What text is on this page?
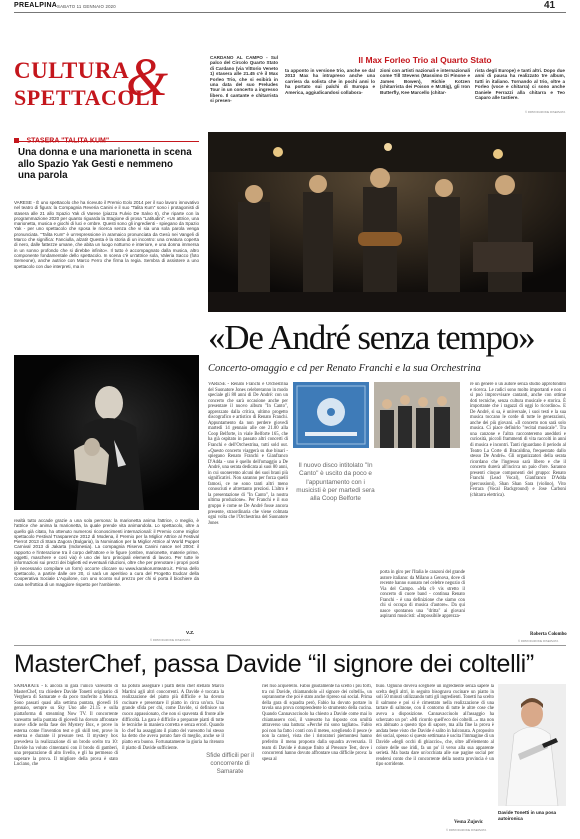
PREALPINA SABATO 11 GENNAIO 2020	41
CULTURA
&
SPETTACOLI
CARDANO AL CAMPO - Sul palco del Circolo Quarto Stato di Cardano (via Vittorio Veneto 1) stasera alle 21.45 c'è il Max Forleo Trio, che si esibirà in una data del suo Preludes Tour in un concerto a ingresso libero. Il cantante e chitarrista si presen-
Il Max Forleo Trio al Quarto Stato
ta apponto in versione trio, anche se dal 2013 Max ha intrapreso anche una carriera da solista che in pochi anni lo ha portato sui palchi di Europa e America, aggiudicandosi collabora-
zioni con artisti nazionali e internazionali come Till Stevens (Massimo Di Pinone e James Bowen), Richie Kotzen (chitarrista dei Poison e Mr.Big), gli Iron Butterfly, Kee Marcello (chitar-
rista degli Europe) e tanti altri. Dopo due anni di pausa ha realizzato tre album, tutti in italiano. Tornando al trio, oltre a Forleo (voce e chitarra) ci sono anche Daniele Ferrazzi alla chitarra e Teo Caparo alle tastiere.
© RIPRODUZIONE RISERVATA
Una donna e una marionetta in scena allo Spazio Yak Gesti e nemmeno una parola
VARESE - È uno spettacolo che ha ricevuto il Premio Eolo 2014 per il suo lavoro innovativo nel teatro di figura: la Compagnia Reveria Canini e il suo "Talita Kum" sono i protagonisti di stasera alle 21 allo Spazio Yak di Varese (piazza Fulvio De Salvo 6), che riparte con la programmazione 2020 per quanto riguarda la Stagione di prosa "Latitudini". «Un attrice, una marionetta, musica e giochi di luci e ombre. Questi sono gli ingredienti - spiegano da Spazio Yak - per uno spettacolo che sposa le ricerca senza che vi sia una sola parola venga pronunciata. "Talita Kum" è un'espressione in aramaico pronunciata da Gesù nei Vangeli di Marco che significa: Fanciulla, alzati! Questa è la storia di un incontro: una creatura coperta di nero, dalle fattezze umane, che abita un luogo notturno e interiore, e una donna immersa in un sonno profondo che si direbbe infinito». Il tutto è accompagnato dalla musica, altro componente fondamentale dello spettacolo. In scena c'è un'attrice sola, Valeria Sacco (foto Semeone), anche autrice con Marco Ferro che firma la regia. Sembra di assistere a uno spettacolo con due interpreti, ma in
realtà tutto accade grazie a una sola persona: la marionetta anima l'attrice, o meglio, è l'attrice che anima la marionetta, la quale prende vita animandola. Lo spettacolo, oltre a quello già citato, ha ottenuto numerosi riconoscimenti internazionali: il Premio come miglior spettacolo Festival Trasparenze 2012 di Modena, il Premio per la Miglior Attrice al Festival Pierrot 2013 di Stara Zagora (Bulgaria), la Nomination per la Miglior Attrice al World Puppet Carnival 2013 di Jakarta (Indonesia). La compagnia Riserva Canini nasce nel 2004: il rapporto e l'interazione tra il corpo dell'attore e le figure (ombre, marionette, materie prime, oggetti, maschere e così via) è uno dei loro principali elementi di lavoro. Per tutte le informazioni sui prezzi dei biglietti ed eventuali riduzioni, oltre che per prenotare i propri posti (è necessario compilare un form) occorre cliccare su www.karakorumteatro.it. Prima dello spettacolo, a partire dalle ore 20, ci sarà un aperitivo a cura del Progetto Eudcar della Cooperativa Sociale L'Aquilone, con uno sconto sul prezzo per chi si porta il biochiere da casa nell'ottica di un maggiore rispetto per l'ambiente.
V.Z.
© RIPRODUZIONE RISERVATA
«De André senza tempo»
Concerto-omaggio e cd per Renato Franchi e la sua Orchestrina
VARESE - Renato Franchi e Orchestrina del Suonatore Jones celebreranno in modo speciale gli 80 anni di De André: con un concerto che sarà occasione anche per presentare il nuovo album "In Canto", apprezzato dalla critica, ultimo progetto discografico e artistico di Renato Franchi. Appuntamento da non perdere giovedì martedì 14 gennaio alle ore 21.00 alla Coop Belforte, in viale Belforte 165, che ha già ospitato in passato altri concerti di Franchi e dell'Orchestrina, tutti sold out. «Questo concerto viaggerà su due binari - spiegano Renato Franchi e Gianfranco D'Adda - uno è quello dell'omaggio a De André, una serata dedicata ai suoi 80 anni, in cui suoneremo alcuni dei suoi brani più significativi. Non saranno per forza quelli famosi, ce ne sono tanti altri meno conosciuti e altrettanto preziosi. L'altro è la presentazione di "In Canto", la nostra ultima produzione». Per Franchi e il suo gruppo è come se De André fosse ancora presente, straordinaria che viene colmata ogni volta che l'Orchestrina del Suonatore Jones
Il nuovo disco intitolato "In Canto" è uscito da poco e l'appuntamento con i musicisti è per martedì sera alla Coop Belforte
porta in giro per l'Italia le canzoni del grande autore italiano: da Milano a Genova, dove di recente hanno suonato nel celebre negozio di Via del Campo. «Ma c'è vis stretto il concerto di cuore band - continua Renato Franchi - è una definizione che siamo con chi si occupa di musica d'autore». Da qui nasce spontanea una "dritta" ai giovani aspiranti musicisti: «Impossibile apprezza-
re un genere o un autore senza studio approfondito e ricerca. Le radici sono molto importanti e non ci si può improvvisare cantanti, anche con ottime doti tecniche, senza cultura musicale e storica. È importante che i ragazzi di oggi lo ricordino». E De André, si sa, è universale, i suoi testi e la sua musica toccano le corde di tutte le generazioni, anche dei più giovani. «Il concerto non sarà solo musica. Ci piace definirlo "recital musicale". Tra una canzone e l'altra racconteremo aneddoti e curiosità, piccoli frammenti di vita raccolti in anni di musica e incontri. Tanti riguardano il periodo al Teatro La Corte di Bracaldina, frequentato dallo stesso De André». Gli organizzatori della serata ricordano che l'ingresso sarà libero e che il concerto durerà all'incirca un paio d'ore. Saranno presenti cinque componenti del gruppo: Renato Franchi (Lead Vocal), Gianfranco D'Adda (percussioni), Shan Shan Sara (violino), Vito Ferrara (Vocal Background) e Jose Carboni (chitarra elettrica).
Roberta Colombo
© RIPRODUZIONE RISERVATA
MasterChef, passa Davide “il signore dei coltelli”
SAMARATE - È ancora in gara l'unico varesotto di MasterChef, tra chiedere Davide Tonetti originario di Verghera di Samarate e da poco trasferito a Monza. Sono passati quasi alla settima puntata, giovedì 16 gennaio, sempre su Sky Uno alle 21.15 e sulla piattaforma di streaming Now TV. Il concorrente varesotto nella puntata di giovedì ha dovuto affrontare nuove sfide nella fase dei Mystery Box, e prove in esterna come l'invention test e gli skill test, prove in esterna e durante il pressure test. Il mystery box prevedeva la realizzazione di un brodo scelto tra 10: Davide ha voluto cimentarsi con il brodo di gamberi, una preparazione di alto livello, e gli ha permesso di superare la prova. Il migliore della prova è stato Luciano, che
ha potuto assegnare i piatti dello chef stellato Marco Martini agli altri concorrenti. A Davide è toccata la realizzazione del piatto più difficile e ha dovuto cucinare e presentare il piatto in circa un'ora. Una grande sfida per chi, come Davide, si definisce un cuoco appassionato, che non si spaventa di fronte alle difficoltà. La gara è difficile a preparare piatti di tutte le tecniche in maniera corretta e senza errori. Quando lo chef ha assaggiato il piatto del varesotto lui stesso ha detto che aveva potuto fare di meglio, anche se il piatto era buono. Fortunatamente la giuria ha ritenuto il piatto di Davide sufficiente.
Sfide difficili per il concorrente di Samarate
riel riso acquerello. Fabio giustamente ha scelto i più forti, tra cui Davide, chiamandolo «il signore dei coltelli», un soprannome che poi è stato anche ripreso sui social. Prima della gara di squadra però, Fabio ha dovuto portare in tavola una prova comprendente lo strumento della cucina. Quando Cannavacciuolo ha chiesto a Davide come mai lo chiamassero così, il varesotto ha risposto con umiltà attraverso una battuta: «Perché mi sono tagliato». Fabio poi non ha fatto i conti con il meteo, scegliendo il pesce (e non la carne), vista che i ristoratori piemontesi hanno preferito il menu proposto dalla squadra avversaria. Il team di Davide è dunque finito al Pressure Test, dove i concorrenti hanno dovuto affrontare una difficile prova: la spesa al
buio. Ognuno doveva scegliere un ingrediente senza sapere la scelta degli altri, in seguito bisognava cucinare un piatto in soli 50 minuti utilizzando tutti gli ingredienti. Tonetti ha scelto il salmone e poi si è cimentato nella realizzazione di una tartare di salmone, con il contorno di tutte le altre cose che aveva a disposizione. Cannavacciuolo all'assaggio ha scherzato un po': «Mi ricordo quell'eco dei coltelli...» ma non era abituato a questo tipo di sapore, ma alla fine la prova è andata bene visto che Davide è salito in balconata. A proposito dei social, spesso si questo settimana è uscita l'immagine di un Davide «degli occhi di ghiaccio», che, oltre all'elemento al colore delle sue iridi, fa un po' il verso alla sua apparente serietà. Ma basta dare un'occhiata alle sue pagine social per rendersi conto che il concorrente della nostra provincia è un tipo sorridente.
Vesna Zujovic
© RIPRODUZIONE RISERVATA
Davide Tonetti in una posa autoironica
